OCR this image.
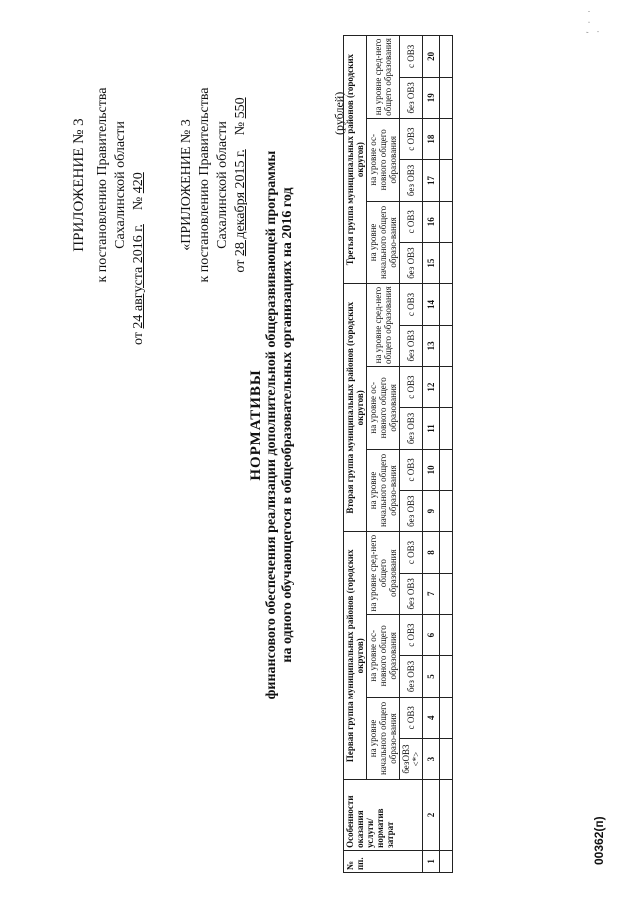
ПРИЛОЖЕНИЕ № 3 к постановлению Правительства Сахалинской области
от 24 августа 2016 г.    № 420 «ПРИЛОЖЕНИЕ № 3 к постановлению Правительства Сахалинской области
от 28 декабря 2015 г.    № 550
НОРМАТИВЫ финансового обеспечения реализации дополнительной общеразвивающей программы на одного обучающегося в общеобразовательных организациях на 2016 год
(рублей)
№ пп.	Особенности оказания услуги/ норматив затрат	Первая группа муниципальных районов (городских округов)						Вторая группа муниципальных районов (городских округов)						Третья группа муниципальных районов (городских округов)					
		на уровне начального общего образо-вания		на уровне ос-новного общего образования		на уровне сред-него общего образования		на уровне начального общего образо-вания		на уровне ос-новного общего образования		на уровне сред-него общего образования		на уровне начального общего образо-вания		на уровне ос-новного общего образования		на уровне сред-него общего образования	
		безОВЗ <*>	с ОВЗ	без ОВЗ	с ОВЗ	без ОВЗ	с ОВЗ	без ОВЗ	с ОВЗ	без ОВЗ	с ОВЗ	без ОВЗ	с ОВЗ	без ОВЗ	с ОВЗ	без ОВЗ	с ОВЗ	без ОВЗ	с ОВЗ
1	2	3	4	5	6	7	8	9	10	11	12	13	14	15	16	17	18	19	20

00362(п)
' · · ·
